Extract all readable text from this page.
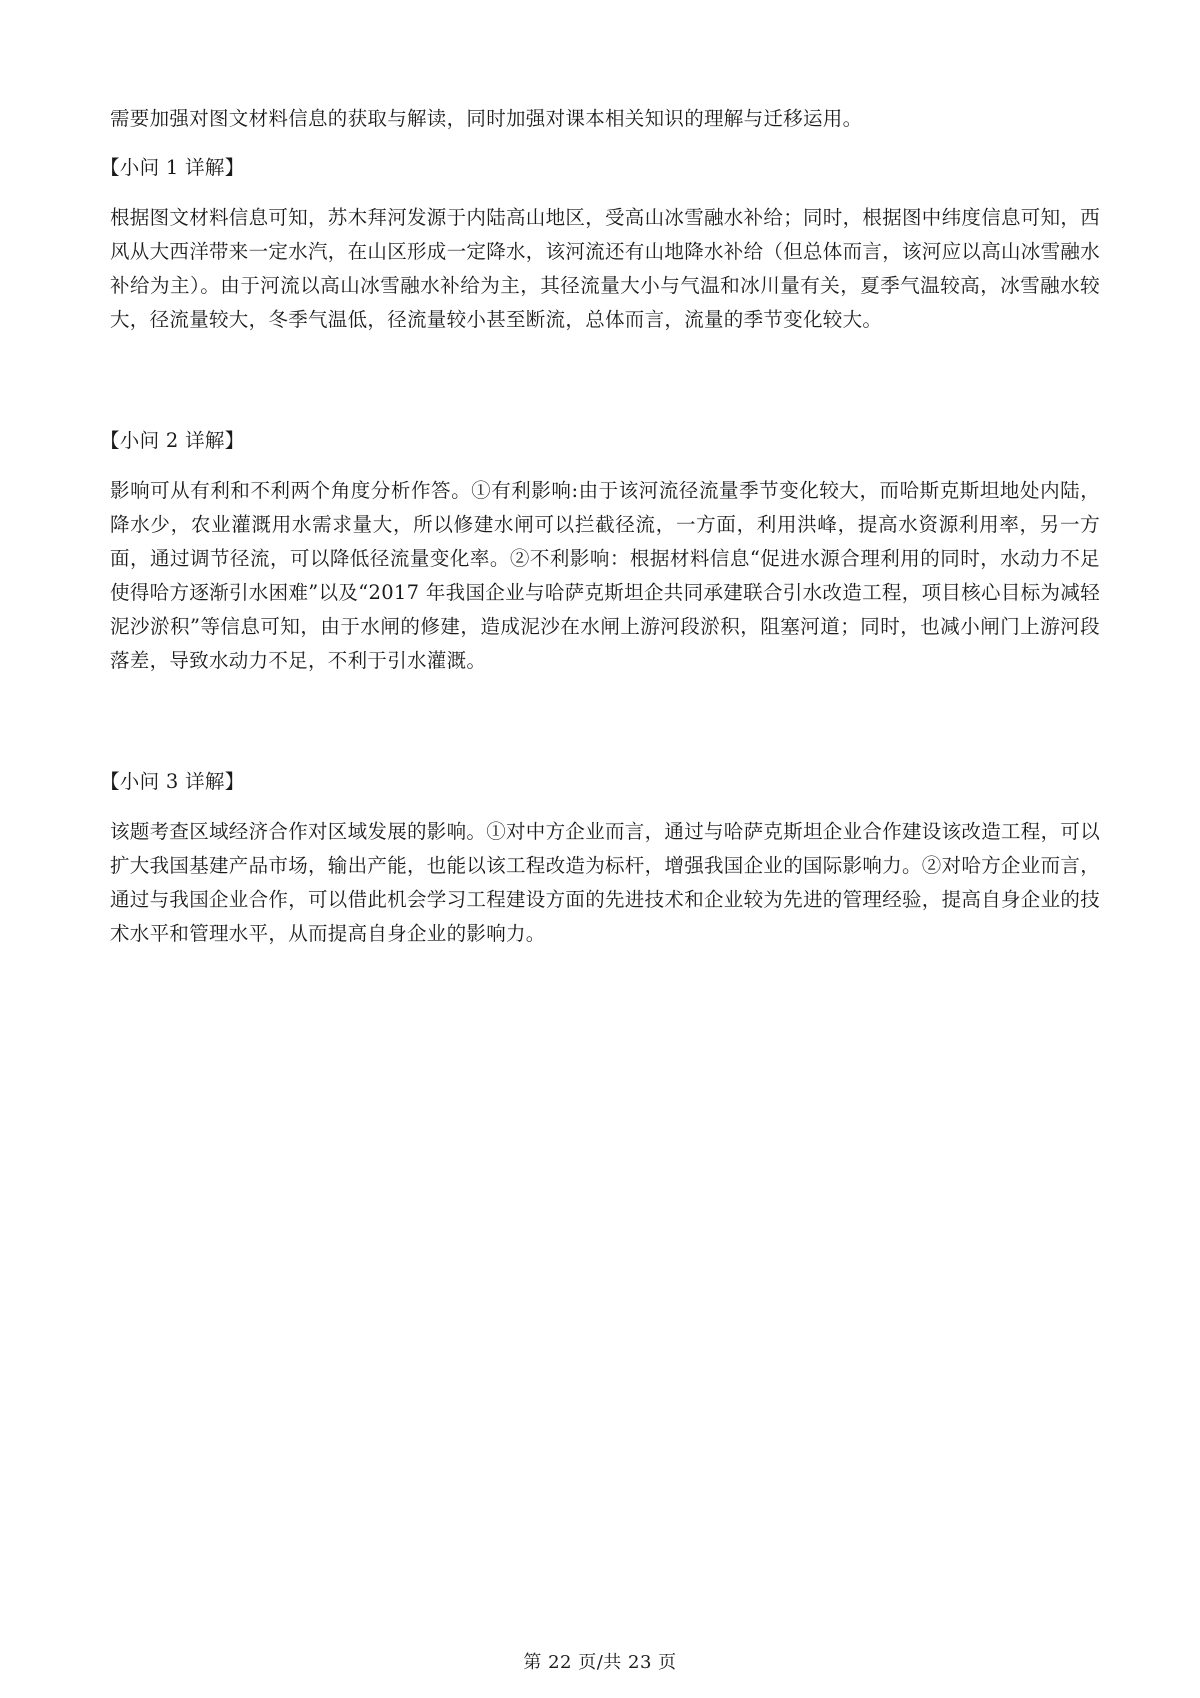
需要加强对图文材料信息的获取与解读，同时加强对课本相关知识的理解与迁移运用。

【小问 1 详解】

根据图文材料信息可知，苏木拜河发源于内陆高山地区，受高山冰雪融水补给；同时，根据图中纬度信息可知，西风从大西洋带来一定水汽，在山区形成一定降水，该河流还有山地降水补给（但总体而言，该河应以高山冰雪融水补给为主）。由于河流以高山冰雪融水补给为主，其径流量大小与气温和冰川量有关，夏季气温较高，冰雪融水较大，径流量较大，冬季气温低，径流量较小甚至断流，总体而言，流量的季节变化较大。

【小问 2 详解】

影响可从有利和不利两个角度分析作答。①有利影响:由于该河流径流量季节变化较大，而哈斯克斯坦地处内陆，降水少，农业灌溉用水需求量大，所以修建水闸可以拦截径流，一方面，利用洪峰，提高水资源利用率，另一方面，通过调节径流，可以降低径流量变化率。②不利影响：根据材料信息“促进水源合理利用的同时，水动力不足使得哈方逐渐引水困难”以及“2017 年我国企业与哈萨克斯坦企共同承建联合引水改造工程，项目核心目标为减轻泥沙淤积”等信息可知，由于水闸的修建，造成泥沙在水闸上游河段淤积，阻塞河道；同时，也减小闸门上游河段落差，导致水动力不足，不利于引水灌溉。

【小问 3 详解】

该题考查区域经济合作对区域发展的影响。①对中方企业而言，通过与哈萨克斯坦企业合作建设该改造工程，可以扩大我国基建产品市场，输出产能，也能以该工程改造为标杆，增强我国企业的国际影响力。②对哈方企业而言，通过与我国企业合作，可以借此机会学习工程建设方面的先进技术和企业较为先进的管理经验，提高自身企业的技术水平和管理水平，从而提高自身企业的影响力。

第 22 页/共 23 页
